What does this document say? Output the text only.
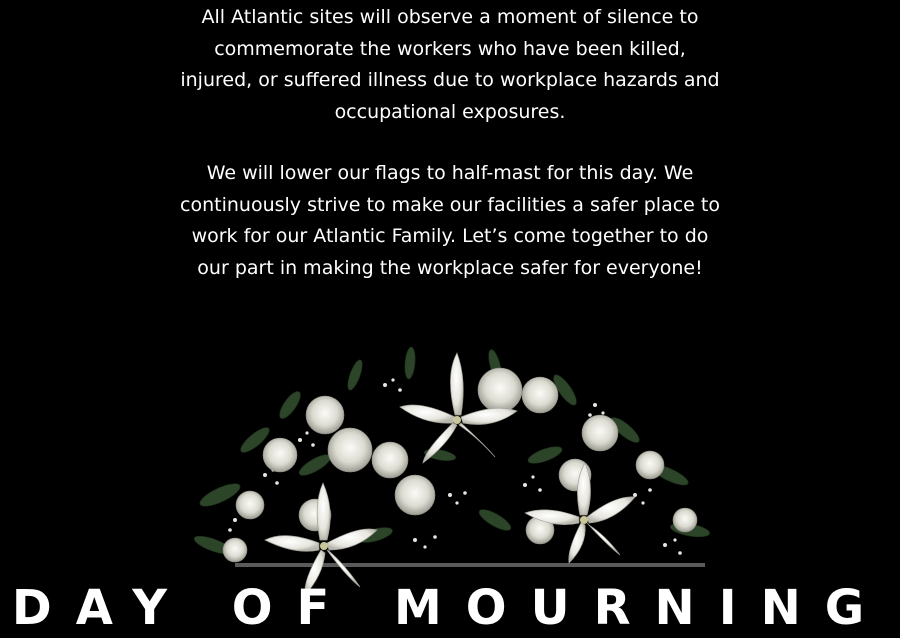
All Atlantic sites will observe a moment of silence to
commemorate the workers who have been killed,
injured, or suffered illness due to workplace hazards and
occupational exposures.
We will lower our flags to half-mast for this day. We
continuously strive to make our facilities a safer place to
work for our Atlantic Family. Let’s come together to do
our part in making the workplace safer for everyone!
DAY OF MOURNING
